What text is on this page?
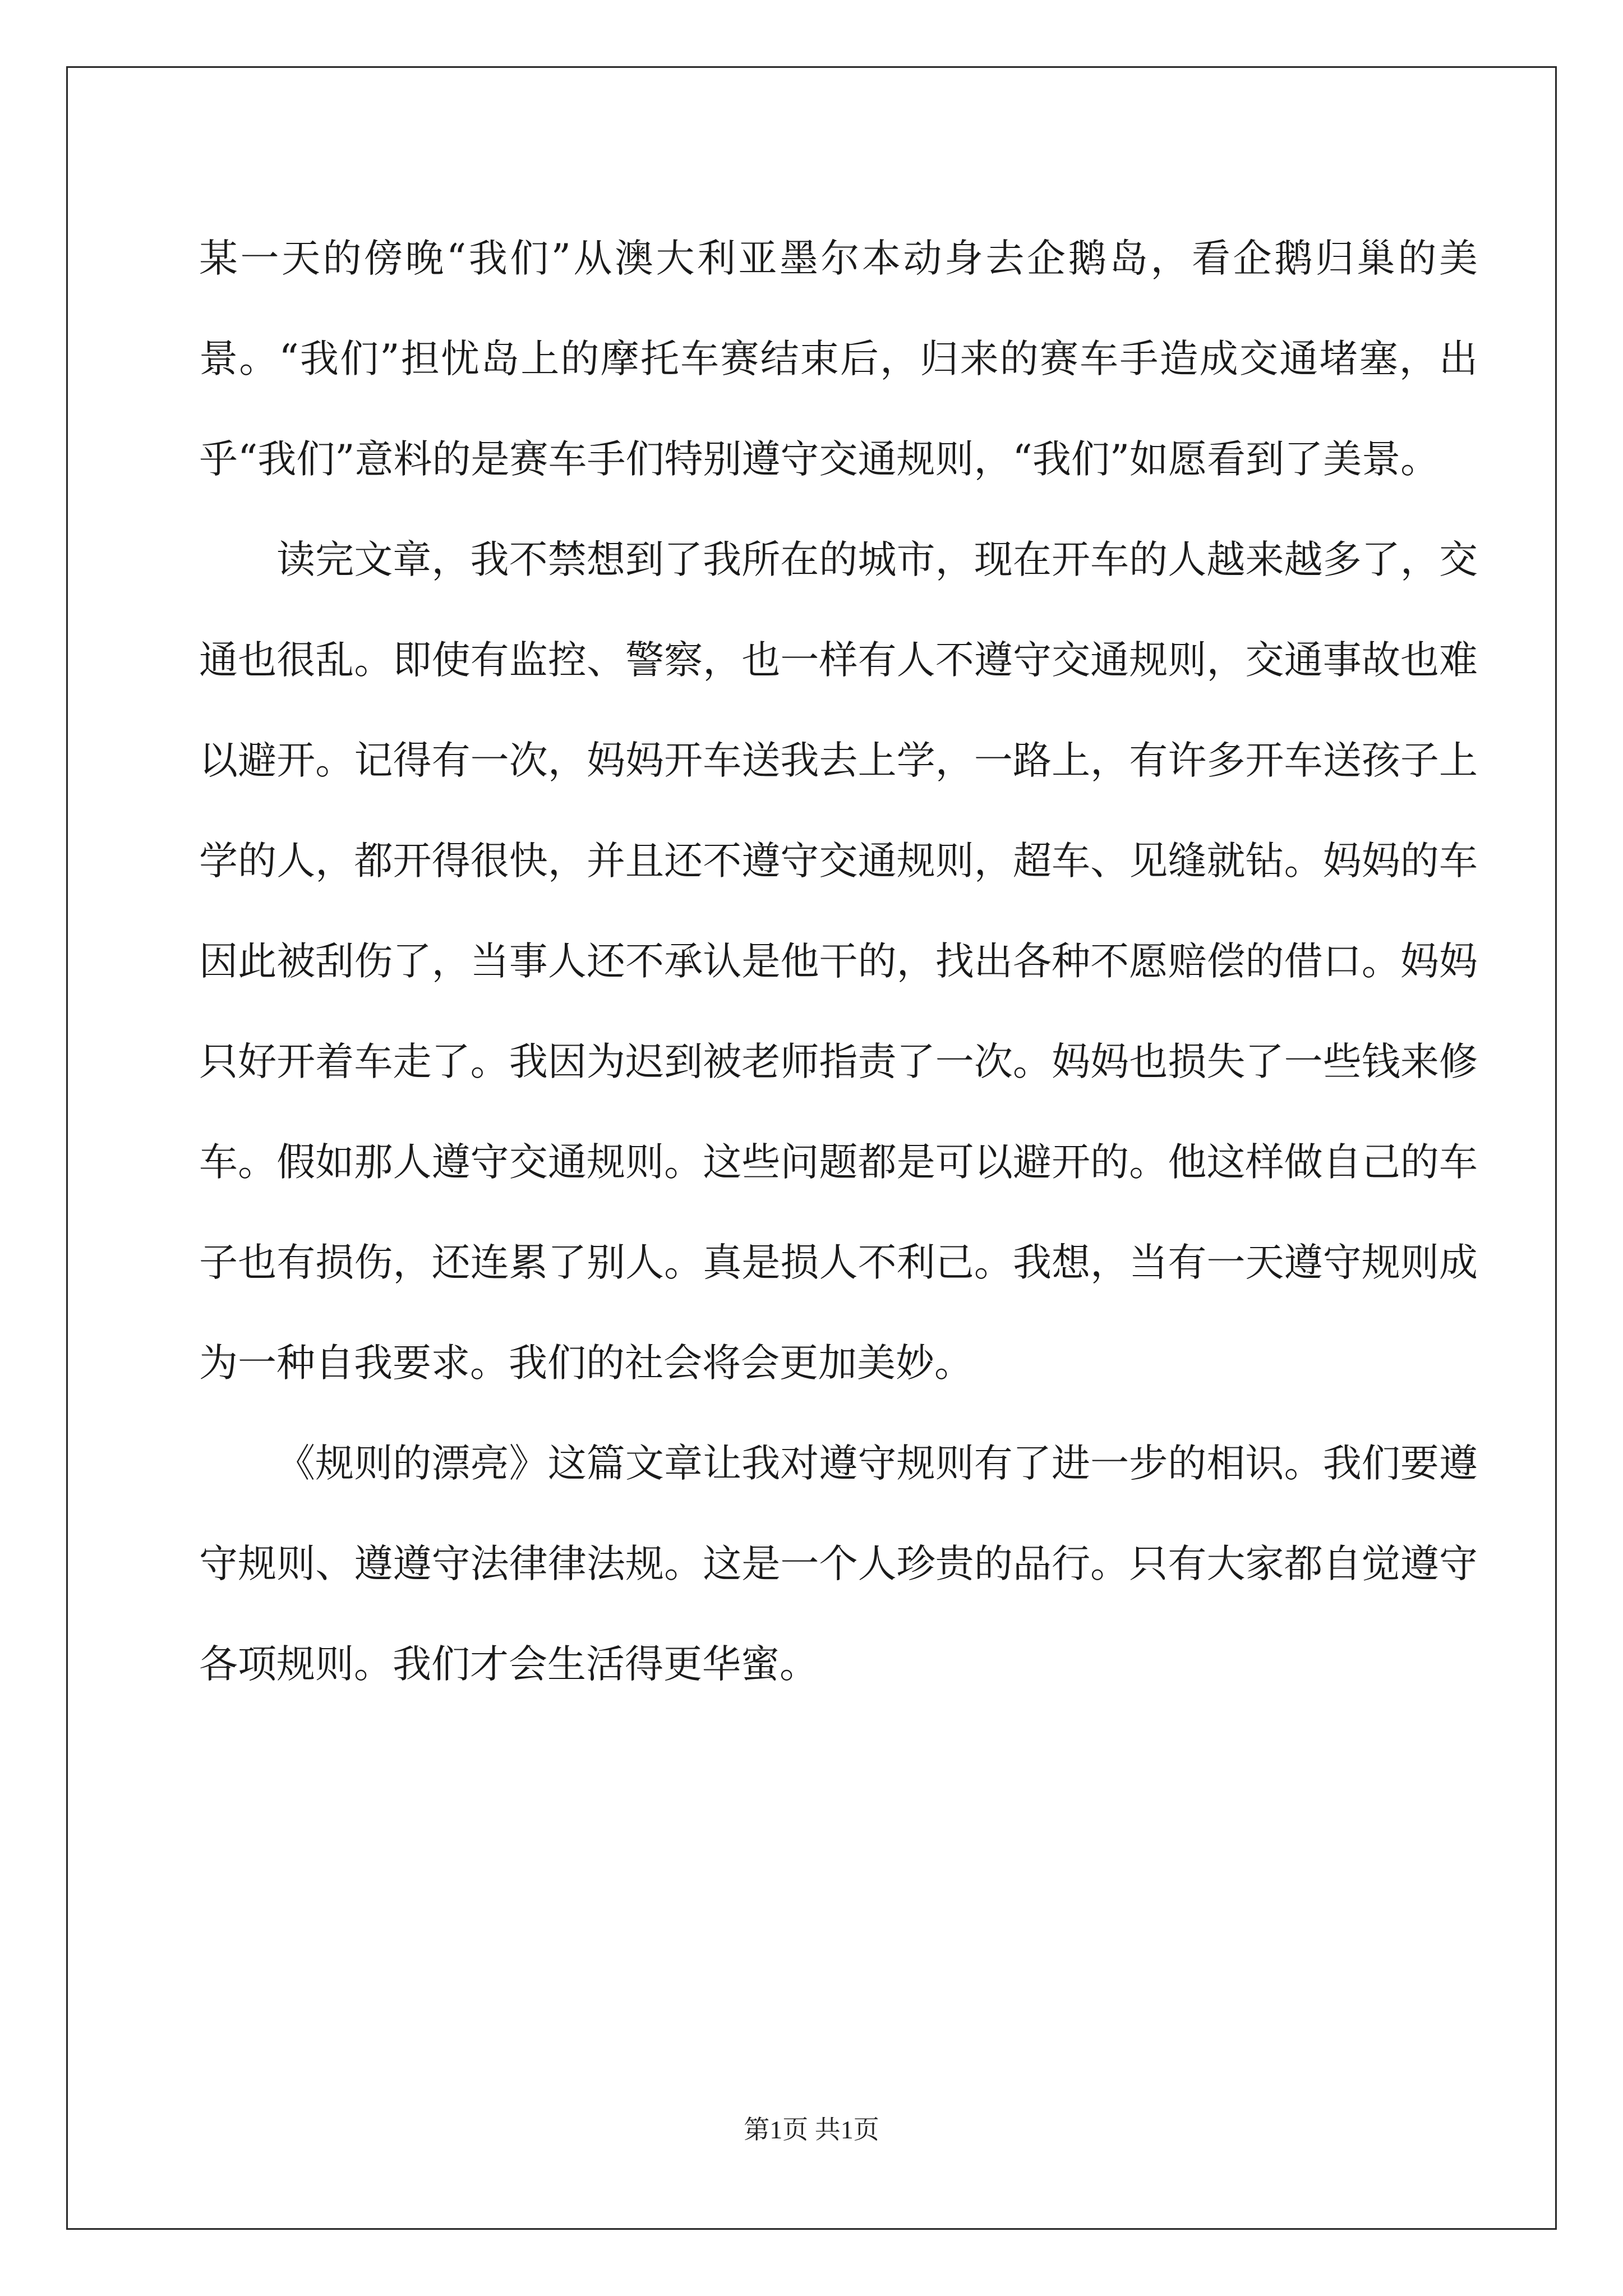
某一天的傍晚“我们”从澳大利亚墨尔本动身去企鹅岛，看企鹅归巢的美景。“我们”担忧岛上的摩托车赛结束后，归来的赛车手造成交通堵塞，出乎“我们”意料的是赛车手们特别遵守交通规则，“我们”如愿看到了美景。

读完文章，我不禁想到了我所在的城市，现在开车的人越来越多了，交通也很乱。即使有监控、警察，也一样有人不遵守交通规则，交通事故也难以避开。记得有一次，妈妈开车送我去上学，一路上，有许多开车送孩子上学的人，都开得很快，并且还不遵守交通规则，超车、见缝就钻。妈妈的车因此被刮伤了，当事人还不承认是他干的，找出各种不愿赔偿的借口。妈妈只好开着车走了。我因为迟到被老师指责了一次。妈妈也损失了一些钱来修车。假如那人遵守交通规则。这些问题都是可以避开的。他这样做自己的车子也有损伤，还连累了别人。真是损人不利己。我想，当有一天遵守规则成为一种自我要求。我们的社会将会更加美妙。

《规则的漂亮》这篇文章让我对遵守规则有了进一步的相识。我们要遵守规则、遵遵守法律律法规。这是一个人珍贵的品行。只有大家都自觉遵守各项规则。我们才会生活得更华蜜。

第1页 共1页
